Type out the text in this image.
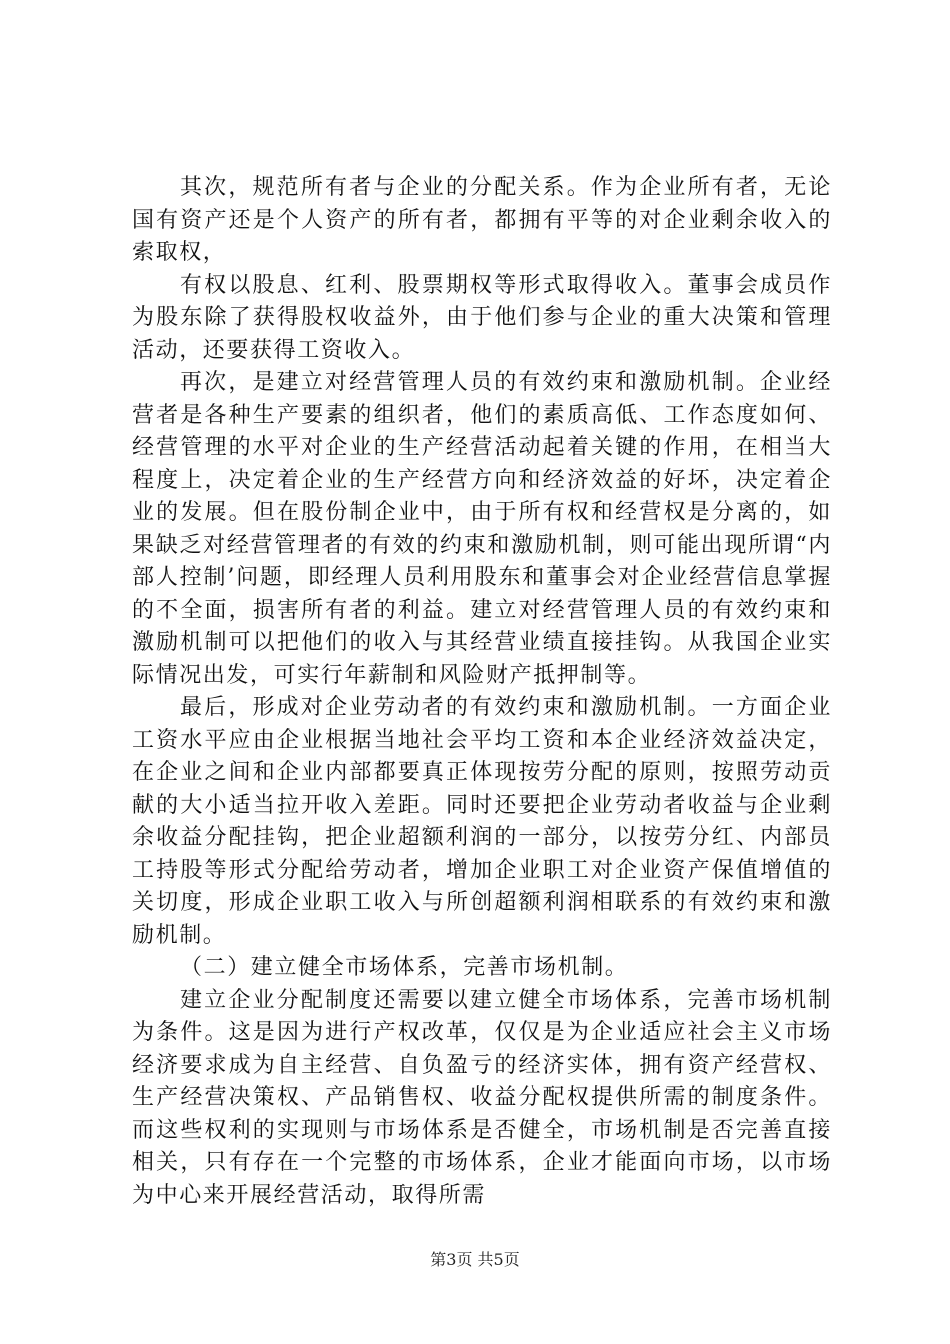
其次，规范所有者与企业的分配关系。作为企业所有者，无论国有资产还是个人资产的所有者，都拥有平等的对企业剩余收入的索取权，

有权以股息、红利、股票期权等形式取得收入。董事会成员作为股东除了获得股权收益外，由于他们参与企业的重大决策和管理活动，还要获得工资收入。

再次，是建立对经营管理人员的有效约束和激励机制。企业经营者是各种生产要素的组织者，他们的素质高低、工作态度如何、经营管理的水平对企业的生产经营活动起着关键的作用，在相当大程度上，决定着企业的生产经营方向和经济效益的好坏，决定着企业的发展。但在股份制企业中，由于所有权和经营权是分离的，如果缺乏对经营管理者的有效的约束和激励机制，则可能出现所谓“内部人控制’问题，即经理人员利用股东和董事会对企业经营信息掌握的不全面，损害所有者的利益。建立对经营管理人员的有效约束和激励机制可以把他们的收入与其经营业绩直接挂钩。从我国企业实际情况出发，可实行年薪制和风险财产抵押制等。

最后，形成对企业劳动者的有效约束和激励机制。一方面企业工资水平应由企业根据当地社会平均工资和本企业经济效益决定，在企业之间和企业内部都要真正体现按劳分配的原则，按照劳动贡献的大小适当拉开收入差距。同时还要把企业劳动者收益与企业剩余收益分配挂钩，把企业超额利润的一部分，以按劳分红、内部员工持股等形式分配给劳动者，增加企业职工对企业资产保值增值的关切度，形成企业职工收入与所创超额利润相联系的有效约束和激励机制。

（二）建立健全市场体系，完善市场机制。

建立企业分配制度还需要以建立健全市场体系，完善市场机制为条件。这是因为进行产权改革，仅仅是为企业适应社会主义市场经济要求成为自主经营、自负盈亏的经济实体，拥有资产经营权、生产经营决策权、产品销售权、收益分配权提供所需的制度条件。而这些权利的实现则与市场体系是否健全，市场机制是否完善直接相关，只有存在一个完整的市场体系，企业才能面向市场，以市场为中心来开展经营活动，取得所需

第3页 共5页
